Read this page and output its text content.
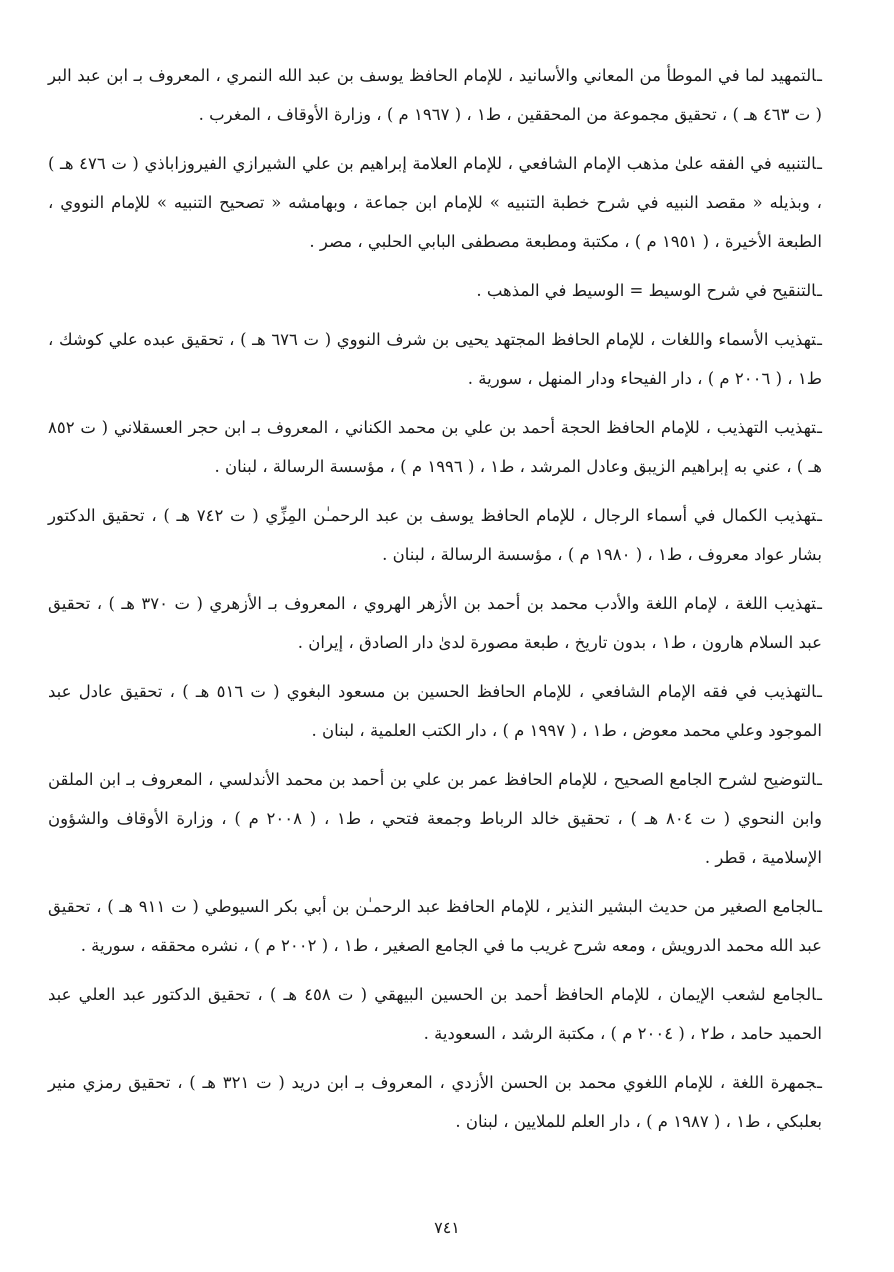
ـ التمهيد لما في الموطأ من المعاني والأسانيد ، للإمام الحافظ يوسف بن عبد الله النمري ، المعروف بـ ابن عبد البر ( ت ٤٦٣ هـ ) ، تحقيق مجموعة من المحققين ، ط١ ، ( ١٩٦٧ م ) ، وزارة الأوقاف ، المغرب .

ـ التنبيه في الفقه علىٰ مذهب الإمام الشافعي ، للإمام العلامة إبراهيم بن علي الشيرازي الفيروزاباذي ( ت ٤٧٦ هـ ) ، وبذيله « مقصد النبيه في شرح خطبة التنبيه » للإمام ابن جماعة ، وبهامشه « تصحيح التنبيه » للإمام النووي ، الطبعة الأخيرة ، ( ١٩٥١ م ) ، مكتبة ومطبعة مصطفى البابي الحلبي ، مصر .

ـ التنقيح في شرح الوسيط = الوسيط في المذهب .

ـ تهذيب الأسماء واللغات ، للإمام الحافظ المجتهد يحيى بن شرف النووي ( ت ٦٧٦ هـ ) ، تحقيق عبده علي كوشك ، ط١ ، ( ٢٠٠٦ م ) ، دار الفيحاء ودار المنهل ، سورية .

ـ تهذيب التهذيب ، للإمام الحافظ الحجة أحمد بن علي بن محمد الكناني ، المعروف بـ ابن حجر العسقلاني ( ت ٨٥٢ هـ ) ، عني به إبراهيم الزيبق وعادل المرشد ، ط١ ، ( ١٩٩٦ م ) ، مؤسسة الرسالة ، لبنان .

ـ تهذيب الكمال في أسماء الرجال ، للإمام الحافظ يوسف بن عبد الرحمـٰن المِزِّي ( ت ٧٤٢ هـ ) ، تحقيق الدكتور بشار عواد معروف ، ط١ ، ( ١٩٨٠ م ) ، مؤسسة الرسالة ، لبنان .

ـ تهذيب اللغة ، لإمام اللغة والأدب محمد بن أحمد بن الأزهر الهروي ، المعروف بـ الأزهري ( ت ٣٧٠ هـ ) ، تحقيق عبد السلام هارون ، ط١ ، بدون تاريخ ، طبعة مصورة لدىٰ دار الصادق ، إيران .

ـ التهذيب في فقه الإمام الشافعي ، للإمام الحافظ الحسين بن مسعود البغوي ( ت ٥١٦ هـ ) ، تحقيق عادل عبد الموجود وعلي محمد معوض ، ط١ ، ( ١٩٩٧ م ) ، دار الكتب العلمية ، لبنان .

ـ التوضيح لشرح الجامع الصحيح ، للإمام الحافظ عمر بن علي بن أحمد بن محمد الأندلسي ، المعروف بـ ابن الملقن وابن النحوي ( ت ٨٠٤ هـ ) ، تحقيق خالد الرباط وجمعة فتحي ، ط١ ، ( ٢٠٠٨ م ) ، وزارة الأوقاف والشؤون الإسلامية ، قطر .

ـ الجامع الصغير من حديث البشير النذير ، للإمام الحافظ عبد الرحمـٰن بن أبي بكر السيوطي ( ت ٩١١ هـ ) ، تحقيق عبد الله محمد الدرويش ، ومعه شرح غريب ما في الجامع الصغير ، ط١ ، ( ٢٠٠٢ م ) ، نشره محققه ، سورية .

ـ الجامع لشعب الإيمان ، للإمام الحافظ أحمد بن الحسين البيهقي ( ت ٤٥٨ هـ ) ، تحقيق الدكتور عبد العلي عبد الحميد حامد ، ط٢ ، ( ٢٠٠٤ م ) ، مكتبة الرشد ، السعودية .

ـ جمهرة اللغة ، للإمام اللغوي محمد بن الحسن الأزدي ، المعروف بـ ابن دريد ( ت ٣٢١ هـ ) ، تحقيق رمزي منير بعلبكي ، ط١ ، ( ١٩٨٧ م ) ، دار العلم للملايين ، لبنان .

٧٤١
